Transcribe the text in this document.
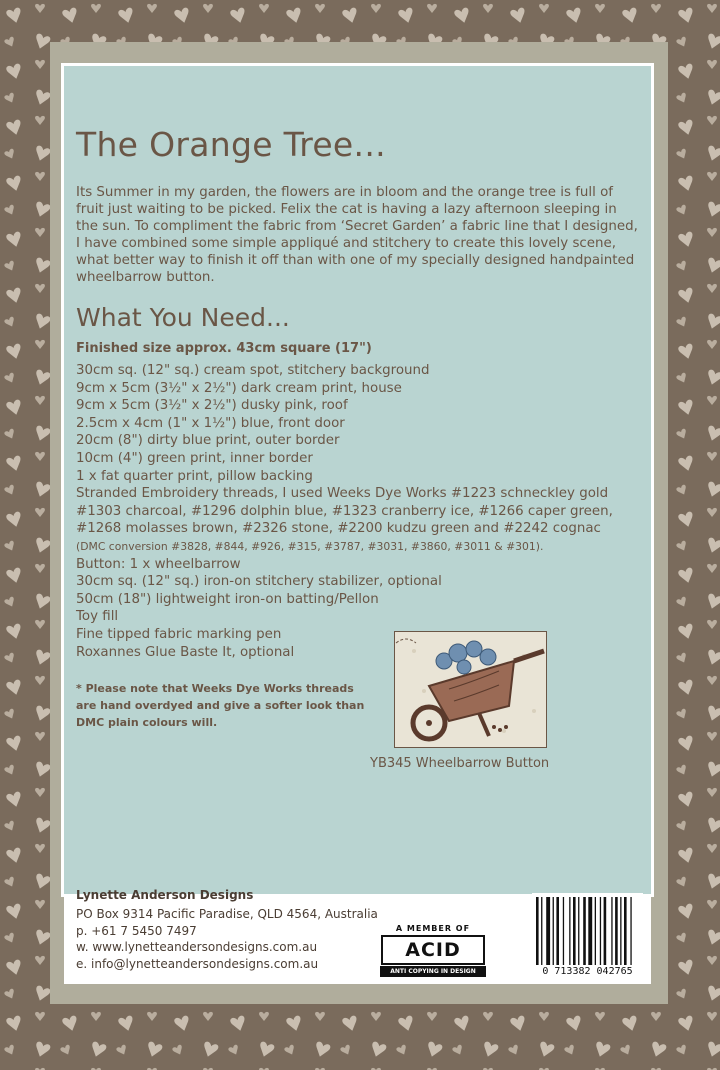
The Orange Tree...
Its Summer in my garden, the flowers are in bloom and the orange tree is full of fruit just waiting to be picked. Felix the cat is having a lazy afternoon sleeping in the sun. To compliment the fabric from ‘Secret Garden’ a fabric line that I designed, I have combined some simple appliqué and stitchery to create this lovely scene, what better way to finish it off than with one of my specially designed handpainted wheelbarrow button.
What You Need...
Finished size approx. 43cm square (17")
30cm sq. (12" sq.) cream spot, stitchery background
9cm x 5cm (3½" x 2½") dark cream print, house
9cm x 5cm (3½" x 2½") dusky pink, roof
2.5cm x 4cm (1" x 1½") blue, front door
20cm (8") dirty blue print, outer border
10cm (4") green print, inner border
1 x fat quarter print, pillow backing
Stranded Embroidery threads, I used Weeks Dye Works #1223 schneckley gold
#1303 charcoal, #1296 dolphin blue, #1323 cranberry ice, #1266 caper green,
#1268 molasses brown, #2326 stone, #2200 kudzu green and #2242 cognac
(DMC conversion #3828, #844, #926, #315, #3787, #3031, #3860, #3011 & #301).
Button: 1 x wheelbarrow
30cm sq. (12" sq.) iron-on stitchery stabilizer, optional
50cm (18") lightweight iron-on batting/Pellon
Toy fill
Fine tipped fabric marking pen
Roxannes Glue Baste It, optional
* Please note that Weeks Dye Works threads are hand overdyed and give a softer look than DMC plain colours will.
YB345 Wheelbarrow Button
Lynette Anderson Designs
PO Box 9314 Pacific Paradise, QLD 4564, Australia
p. +61 7 5450 7497
w. www.lynetteandersondesigns.com.au
e. info@lynetteandersondesigns.com.au
A MEMBER OF
ACID
ANTI COPYING IN DESIGN	0 713382 042765
